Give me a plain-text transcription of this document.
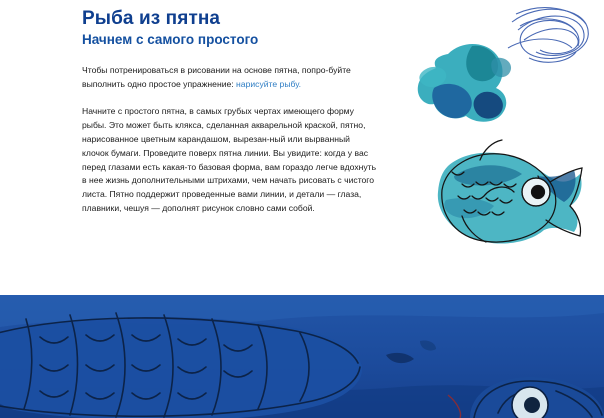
Рыба из пятна
Начнем с самого простого

Чтобы потренироваться в рисовании на основе пятна, попро-буйте выполнить одно простое упражнение: нарисуйте рыбу.

Начните с простого пятна, в самых грубых чертах имеющего форму рыбы. Это может быть клякса, сделанная акварельной краской, пятно, нарисованное цветным карандашом, вырезан-ный или вырванный клочок бумаги. Проведите поверх пятна линии. Вы увидите: когда у вас перед глазами есть какая-то базовая форма, вам гораздо легче вдохнуть в нее жизнь дополнительными штрихами, чем начать рисовать с чистого листа. Пятно поддержит проведенные вами линии, и детали — глаза, плавники, чешуя — дополнят рисунок словно сами собой.
